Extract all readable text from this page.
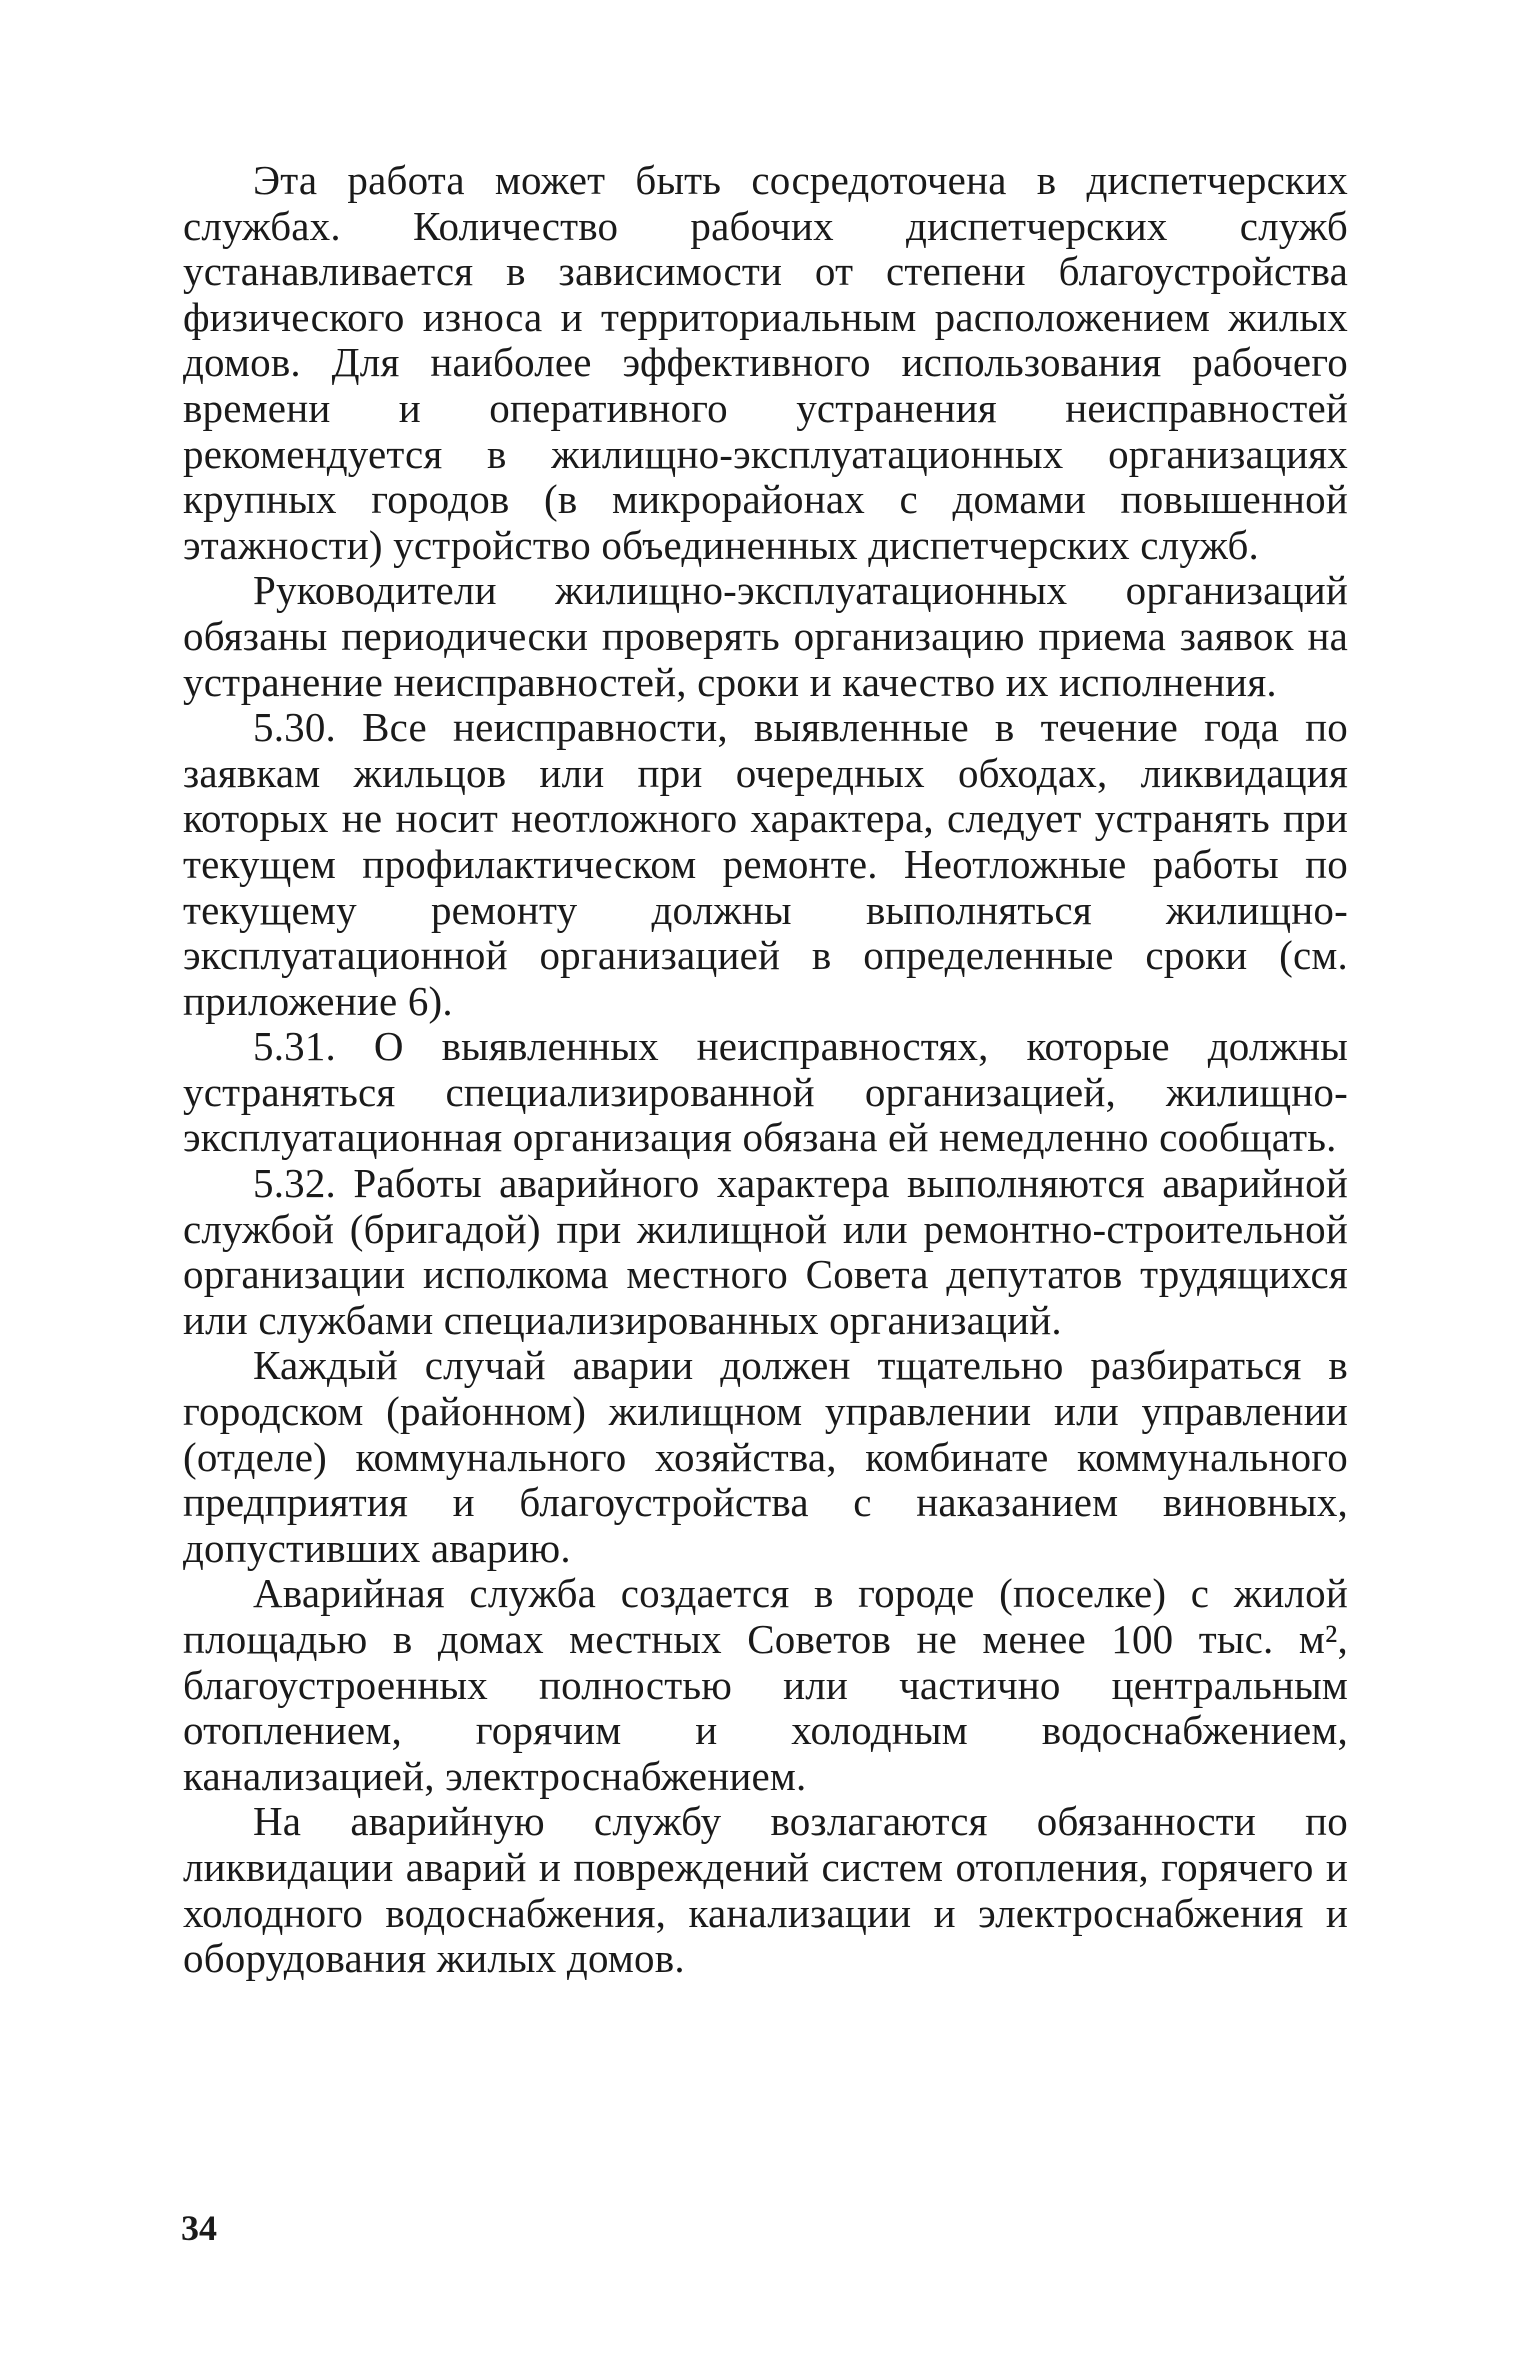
Эта работа может быть сосредоточена в диспетчерских службах. Количество рабочих диспетчерских служб устанавливается в зависимости от степени благоустройства физического износа и территориальным расположением жилых домов. Для наиболее эффективного использования рабочего времени и оперативного устранения неисправностей рекомендуется в жилищно-эксплуатационных организациях крупных городов (в микрорайонах с домами повышенной этажности) устройство объединенных диспетчерских служб.

Руководители жилищно-эксплуатационных организаций обязаны периодически проверять организацию приема заявок на устранение неисправностей, сроки и качество их исполнения.

5.30. Все неисправности, выявленные в течение года по заявкам жильцов или при очередных обходах, ликвидация которых не носит неотложного характера, следует устранять при текущем профилактическом ремонте. Неотложные работы по текущему ремонту должны выполняться жилищно-эксплуатационной организацией в определенные сроки (см. приложение 6).

5.31. О выявленных неисправностях, которые должны устраняться специализированной организацией, жилищно-эксплуатационная организация обязана ей немедленно сообщать.

5.32. Работы аварийного характера выполняются аварийной службой (бригадой) при жилищной или ремонтно-строительной организации исполкома местного Совета депутатов трудящихся или службами специализированных организаций.

Каждый случай аварии должен тщательно разбираться в городском (районном) жилищном управлении или управлении (отделе) коммунального хозяйства, комбинате коммунального предприятия и благоустройства с наказанием виновных, допустивших аварию.

Аварийная служба создается в городе (поселке) с жилой площадью в домах местных Советов не менее 100 тыс. м², благоустроенных полностью или частично центральным отоплением, горячим и холодным водоснабжением, канализацией, электроснабжением.

На аварийную службу возлагаются обязанности по ликвидации аварий и повреждений систем отопления, горячего и холодного водоснабжения, канализации и электроснабжения и оборудования жилых домов.

34
